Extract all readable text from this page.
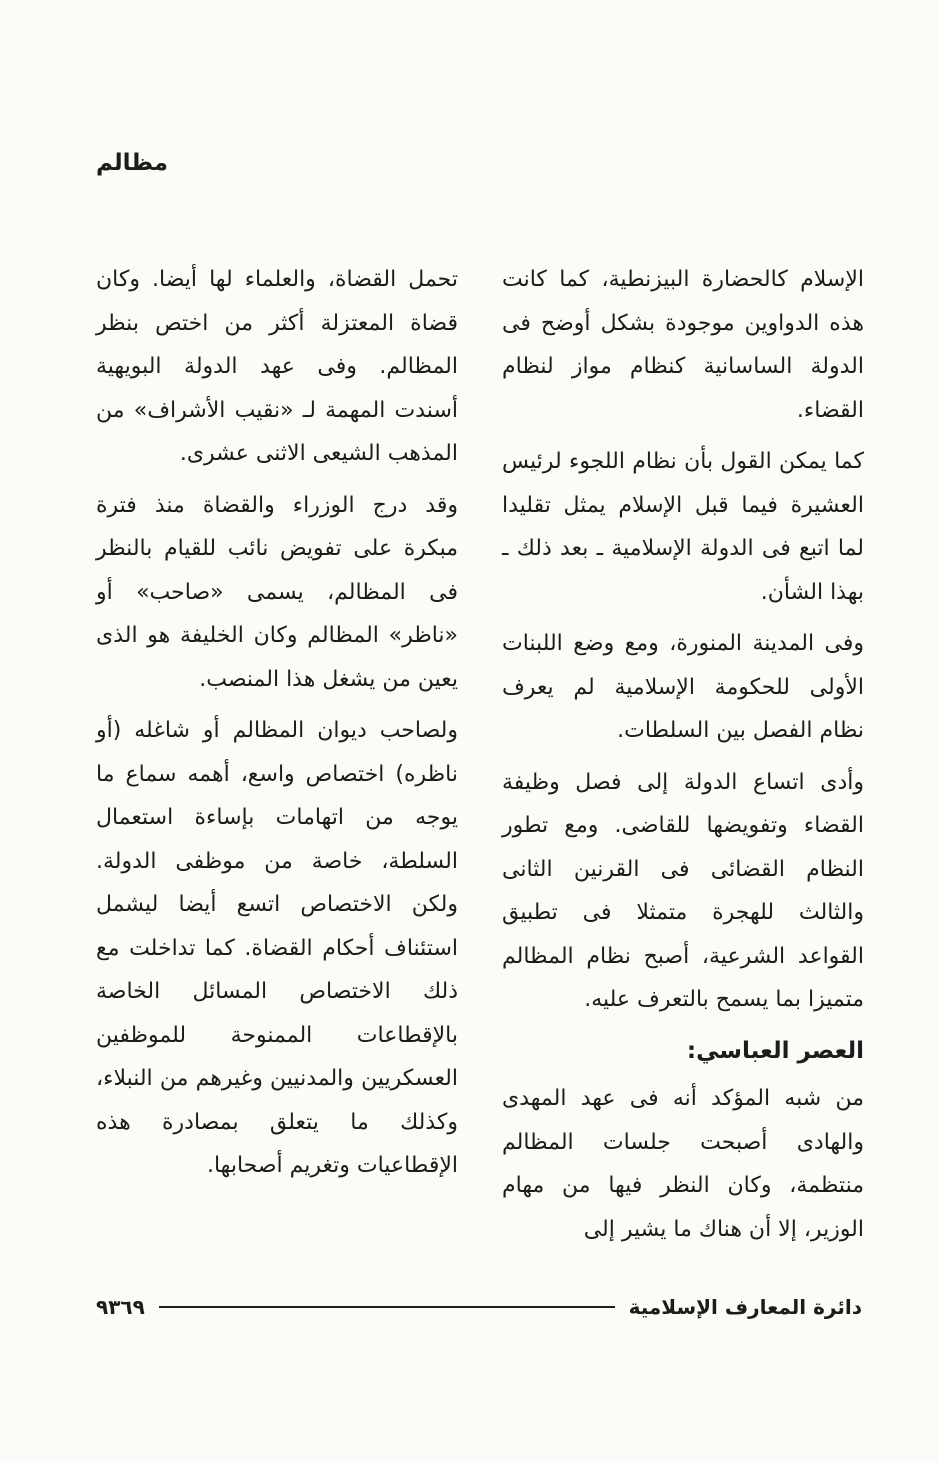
مظالم

الإسلام كالحضارة البيزنطية، كما كانت هذه الدواوين موجودة بشكل أوضح فى الدولة الساسانية كنظام مواز لنظام القضاء.

كما يمكن القول بأن نظام اللجوء لرئيس العشيرة فيما قبل الإسلام يمثل تقليدا لما اتبع فى الدولة الإسلامية ـ بعد ذلك ـ بهذا الشأن.

وفى المدينة المنورة، ومع وضع اللبنات الأولى للحكومة الإسلامية لم يعرف نظام الفصل بين السلطات.

وأدى اتساع الدولة إلى فصل وظيفة القضاء وتفويضها للقاضى. ومع تطور النظام القضائى فى القرنين الثانى والثالث للهجرة متمثلا فى تطبيق القواعد الشرعية، أصبح نظام المظالم متميزا بما يسمح بالتعرف عليه.

العصر العباسي:

من شبه المؤكد أنه فى عهد المهدى والهادى أصبحت جلسات المظالم منتظمة، وكان النظر فيها من مهام الوزير، إلا أن هناك ما يشير إلى

تحمل القضاة، والعلماء لها أيضا. وكان قضاة المعتزلة أكثر من اختص بنظر المظالم. وفى عهد الدولة البويهية أسندت المهمة لـ «نقيب الأشراف» من المذهب الشيعى الاثنى عشرى.

وقد درج الوزراء والقضاة منذ فترة مبكرة على تفويض نائب للقيام بالنظر فى المظالم، يسمى «صاحب» أو «ناظر» المظالم وكان الخليفة هو الذى يعين من يشغل هذا المنصب.

ولصاحب ديوان المظالم أو شاغله (أو ناظره) اختصاص واسع، أهمه سماع ما يوجه من اتهامات بإساءة استعمال السلطة، خاصة من موظفى الدولة. ولكن الاختصاص اتسع أيضا ليشمل استئناف أحكام القضاة. كما تداخلت مع ذلك الاختصاص المسائل الخاصة بالإقطاعات الممنوحة للموظفين العسكريين والمدنيين وغيرهم من النبلاء، وكذلك ما يتعلق بمصادرة هذه الإقطاعيات وتغريم أصحابها.

دائرة المعارف الإسلامية
٩٣٦٩
